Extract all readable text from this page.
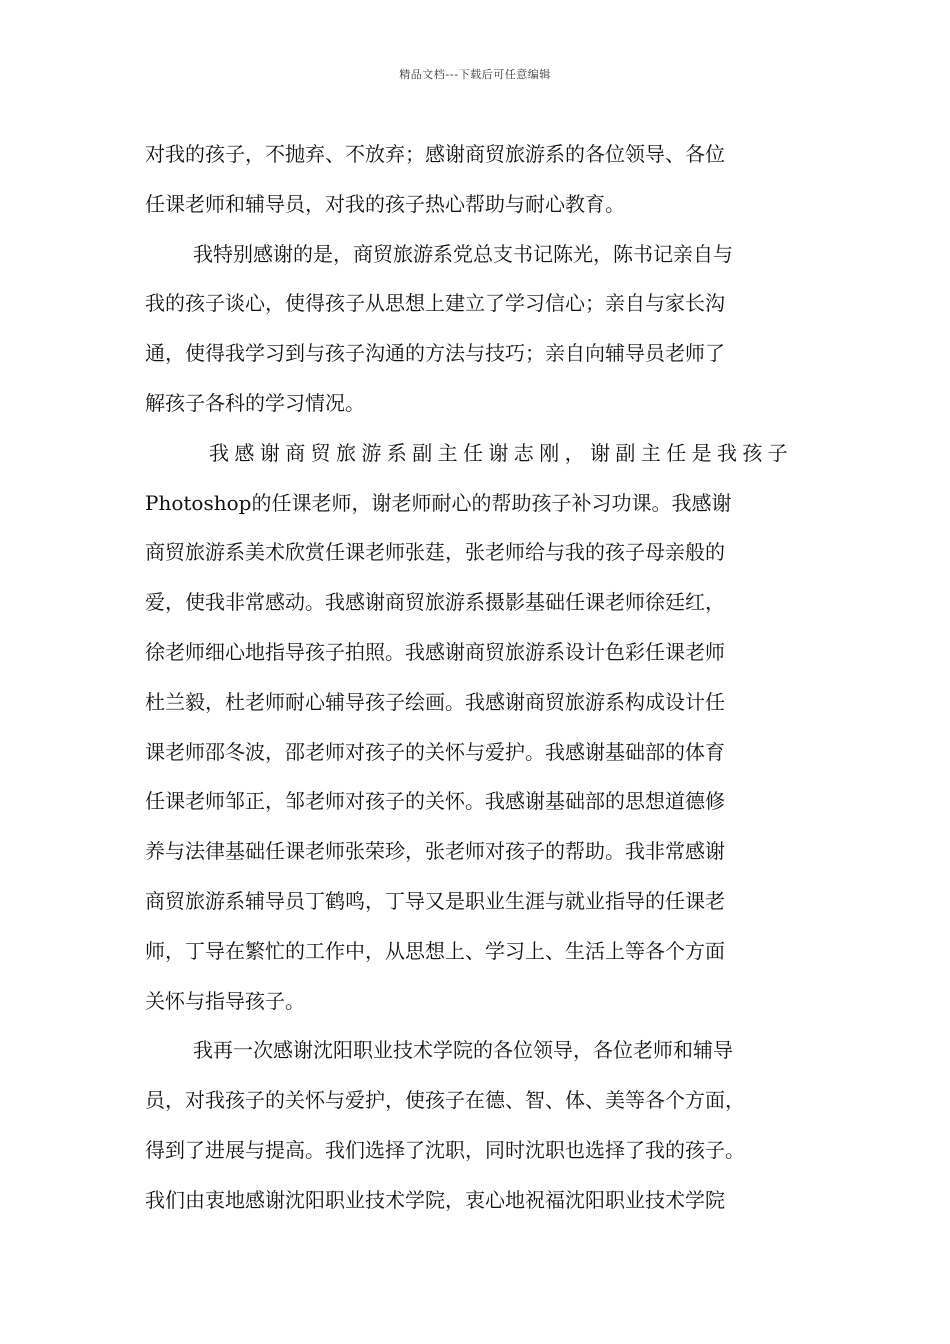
精品文档---下载后可任意编辑

对我的孩子，不抛弃、不放弃；感谢商贸旅游系的各位领导、各位
任课老师和辅导员，对我的孩子热心帮助与耐心教育。

我特别感谢的是，商贸旅游系党总支书记陈光，陈书记亲自与
我的孩子谈心，使得孩子从思想上建立了学习信心；亲自与家长沟
通，使得我学习到与孩子沟通的方法与技巧；亲自向辅导员老师了
解孩子各科的学习情况。

我感谢商贸旅游系副主任谢志刚，谢副主任是我孩子
Photoshop的任课老师，谢老师耐心的帮助孩子补习功课。我感谢
商贸旅游系美术欣赏任课老师张莛，张老师给与我的孩子母亲般的
爱，使我非常感动。我感谢商贸旅游系摄影基础任课老师徐廷红，
徐老师细心地指导孩子拍照。我感谢商贸旅游系设计色彩任课老师
杜兰毅，杜老师耐心辅导孩子绘画。我感谢商贸旅游系构成设计任
课老师邵冬波，邵老师对孩子的关怀与爱护。我感谢基础部的体育
任课老师邹正，邹老师对孩子的关怀。我感谢基础部的思想道德修
养与法律基础任课老师张荣珍，张老师对孩子的帮助。我非常感谢
商贸旅游系辅导员丁鹤鸣，丁导又是职业生涯与就业指导的任课老
师，丁导在繁忙的工作中，从思想上、学习上、生活上等各个方面
关怀与指导孩子。

我再一次感谢沈阳职业技术学院的各位领导，各位老师和辅导
员，对我孩子的关怀与爱护，使孩子在德、智、体、美等各个方面，
得到了进展与提高。我们选择了沈职，同时沈职也选择了我的孩子。
我们由衷地感谢沈阳职业技术学院，衷心地祝福沈阳职业技术学院
